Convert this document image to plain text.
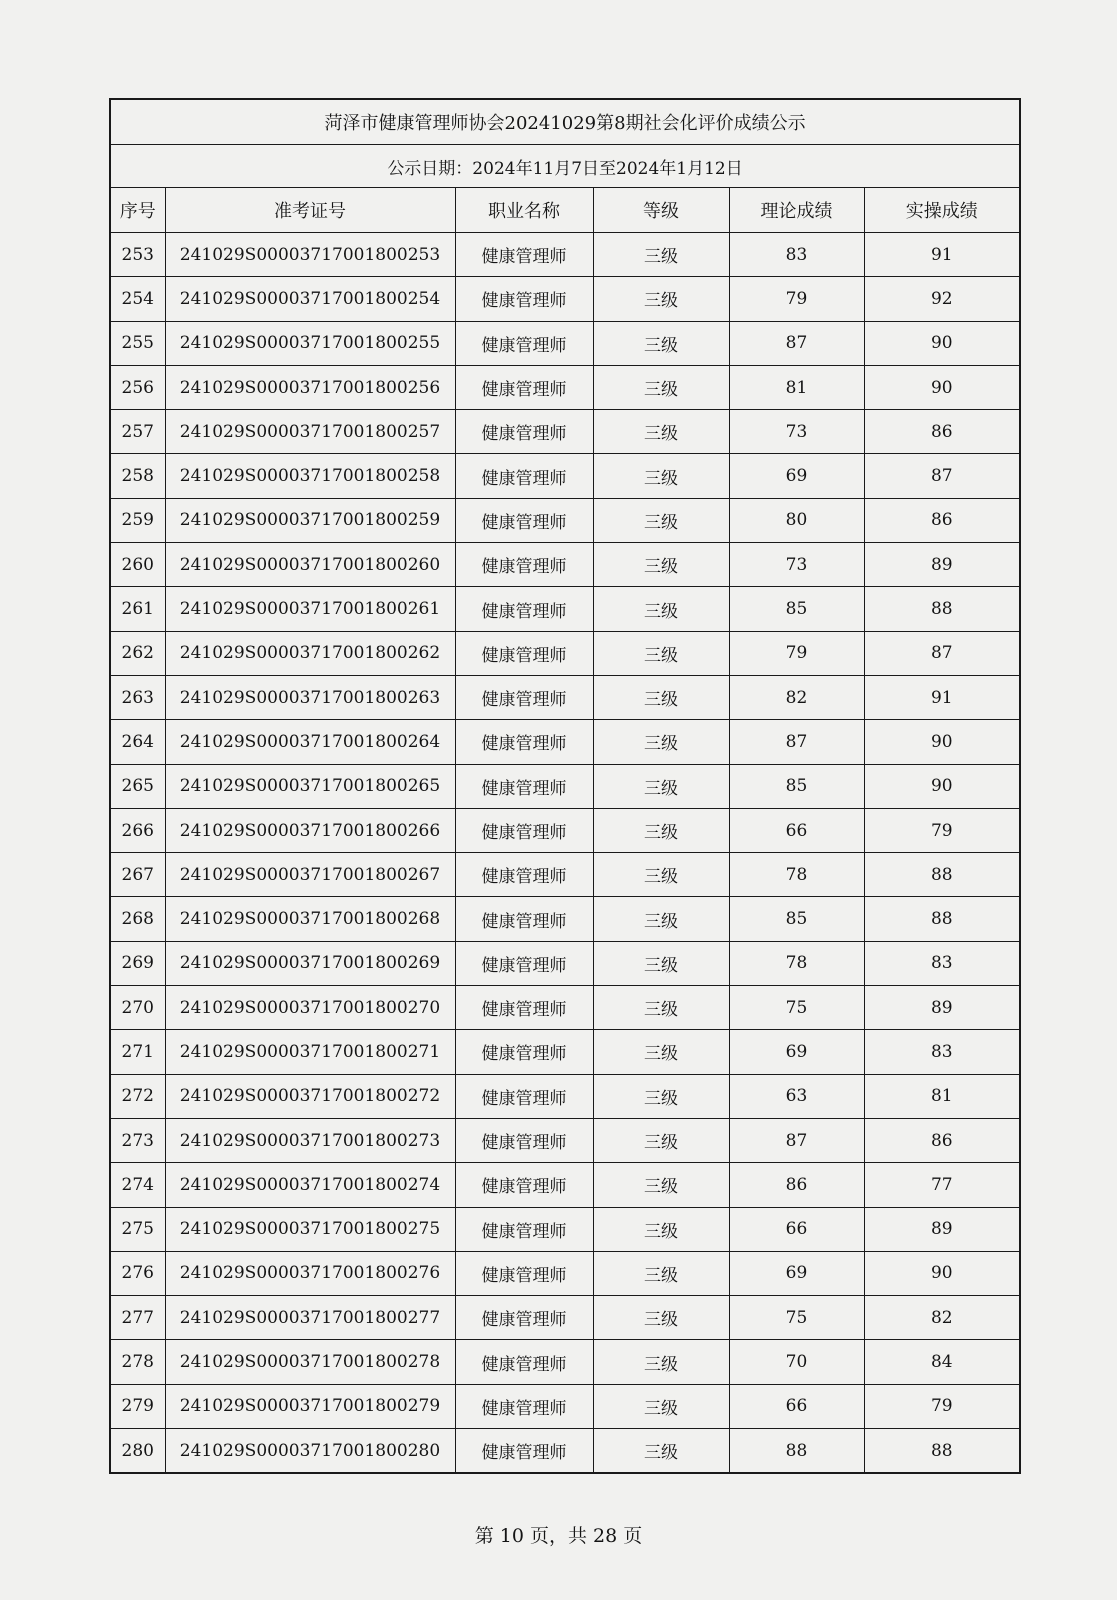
菏泽市健康管理师协会20241029第8期社会化评价成绩公示					
公示日期：2024年11月7日至2024年1月12日					
序号	准考证号	职业名称	等级	理论成绩	实操成绩
253	241029S00003717001800253	健康管理师	三级	83	91
254	241029S00003717001800254	健康管理师	三级	79	92
255	241029S00003717001800255	健康管理师	三级	87	90
256	241029S00003717001800256	健康管理师	三级	81	90
257	241029S00003717001800257	健康管理师	三级	73	86
258	241029S00003717001800258	健康管理师	三级	69	87
259	241029S00003717001800259	健康管理师	三级	80	86
260	241029S00003717001800260	健康管理师	三级	73	89
261	241029S00003717001800261	健康管理师	三级	85	88
262	241029S00003717001800262	健康管理师	三级	79	87
263	241029S00003717001800263	健康管理师	三级	82	91
264	241029S00003717001800264	健康管理师	三级	87	90
265	241029S00003717001800265	健康管理师	三级	85	90
266	241029S00003717001800266	健康管理师	三级	66	79
267	241029S00003717001800267	健康管理师	三级	78	88
268	241029S00003717001800268	健康管理师	三级	85	88
269	241029S00003717001800269	健康管理师	三级	78	83
270	241029S00003717001800270	健康管理师	三级	75	89
271	241029S00003717001800271	健康管理师	三级	69	83
272	241029S00003717001800272	健康管理师	三级	63	81
273	241029S00003717001800273	健康管理师	三级	87	86
274	241029S00003717001800274	健康管理师	三级	86	77
275	241029S00003717001800275	健康管理师	三级	66	89
276	241029S00003717001800276	健康管理师	三级	69	90
277	241029S00003717001800277	健康管理师	三级	75	82
278	241029S00003717001800278	健康管理师	三级	70	84
279	241029S00003717001800279	健康管理师	三级	66	79
280	241029S00003717001800280	健康管理师	三级	88	88
第 10 页，共 28 页
